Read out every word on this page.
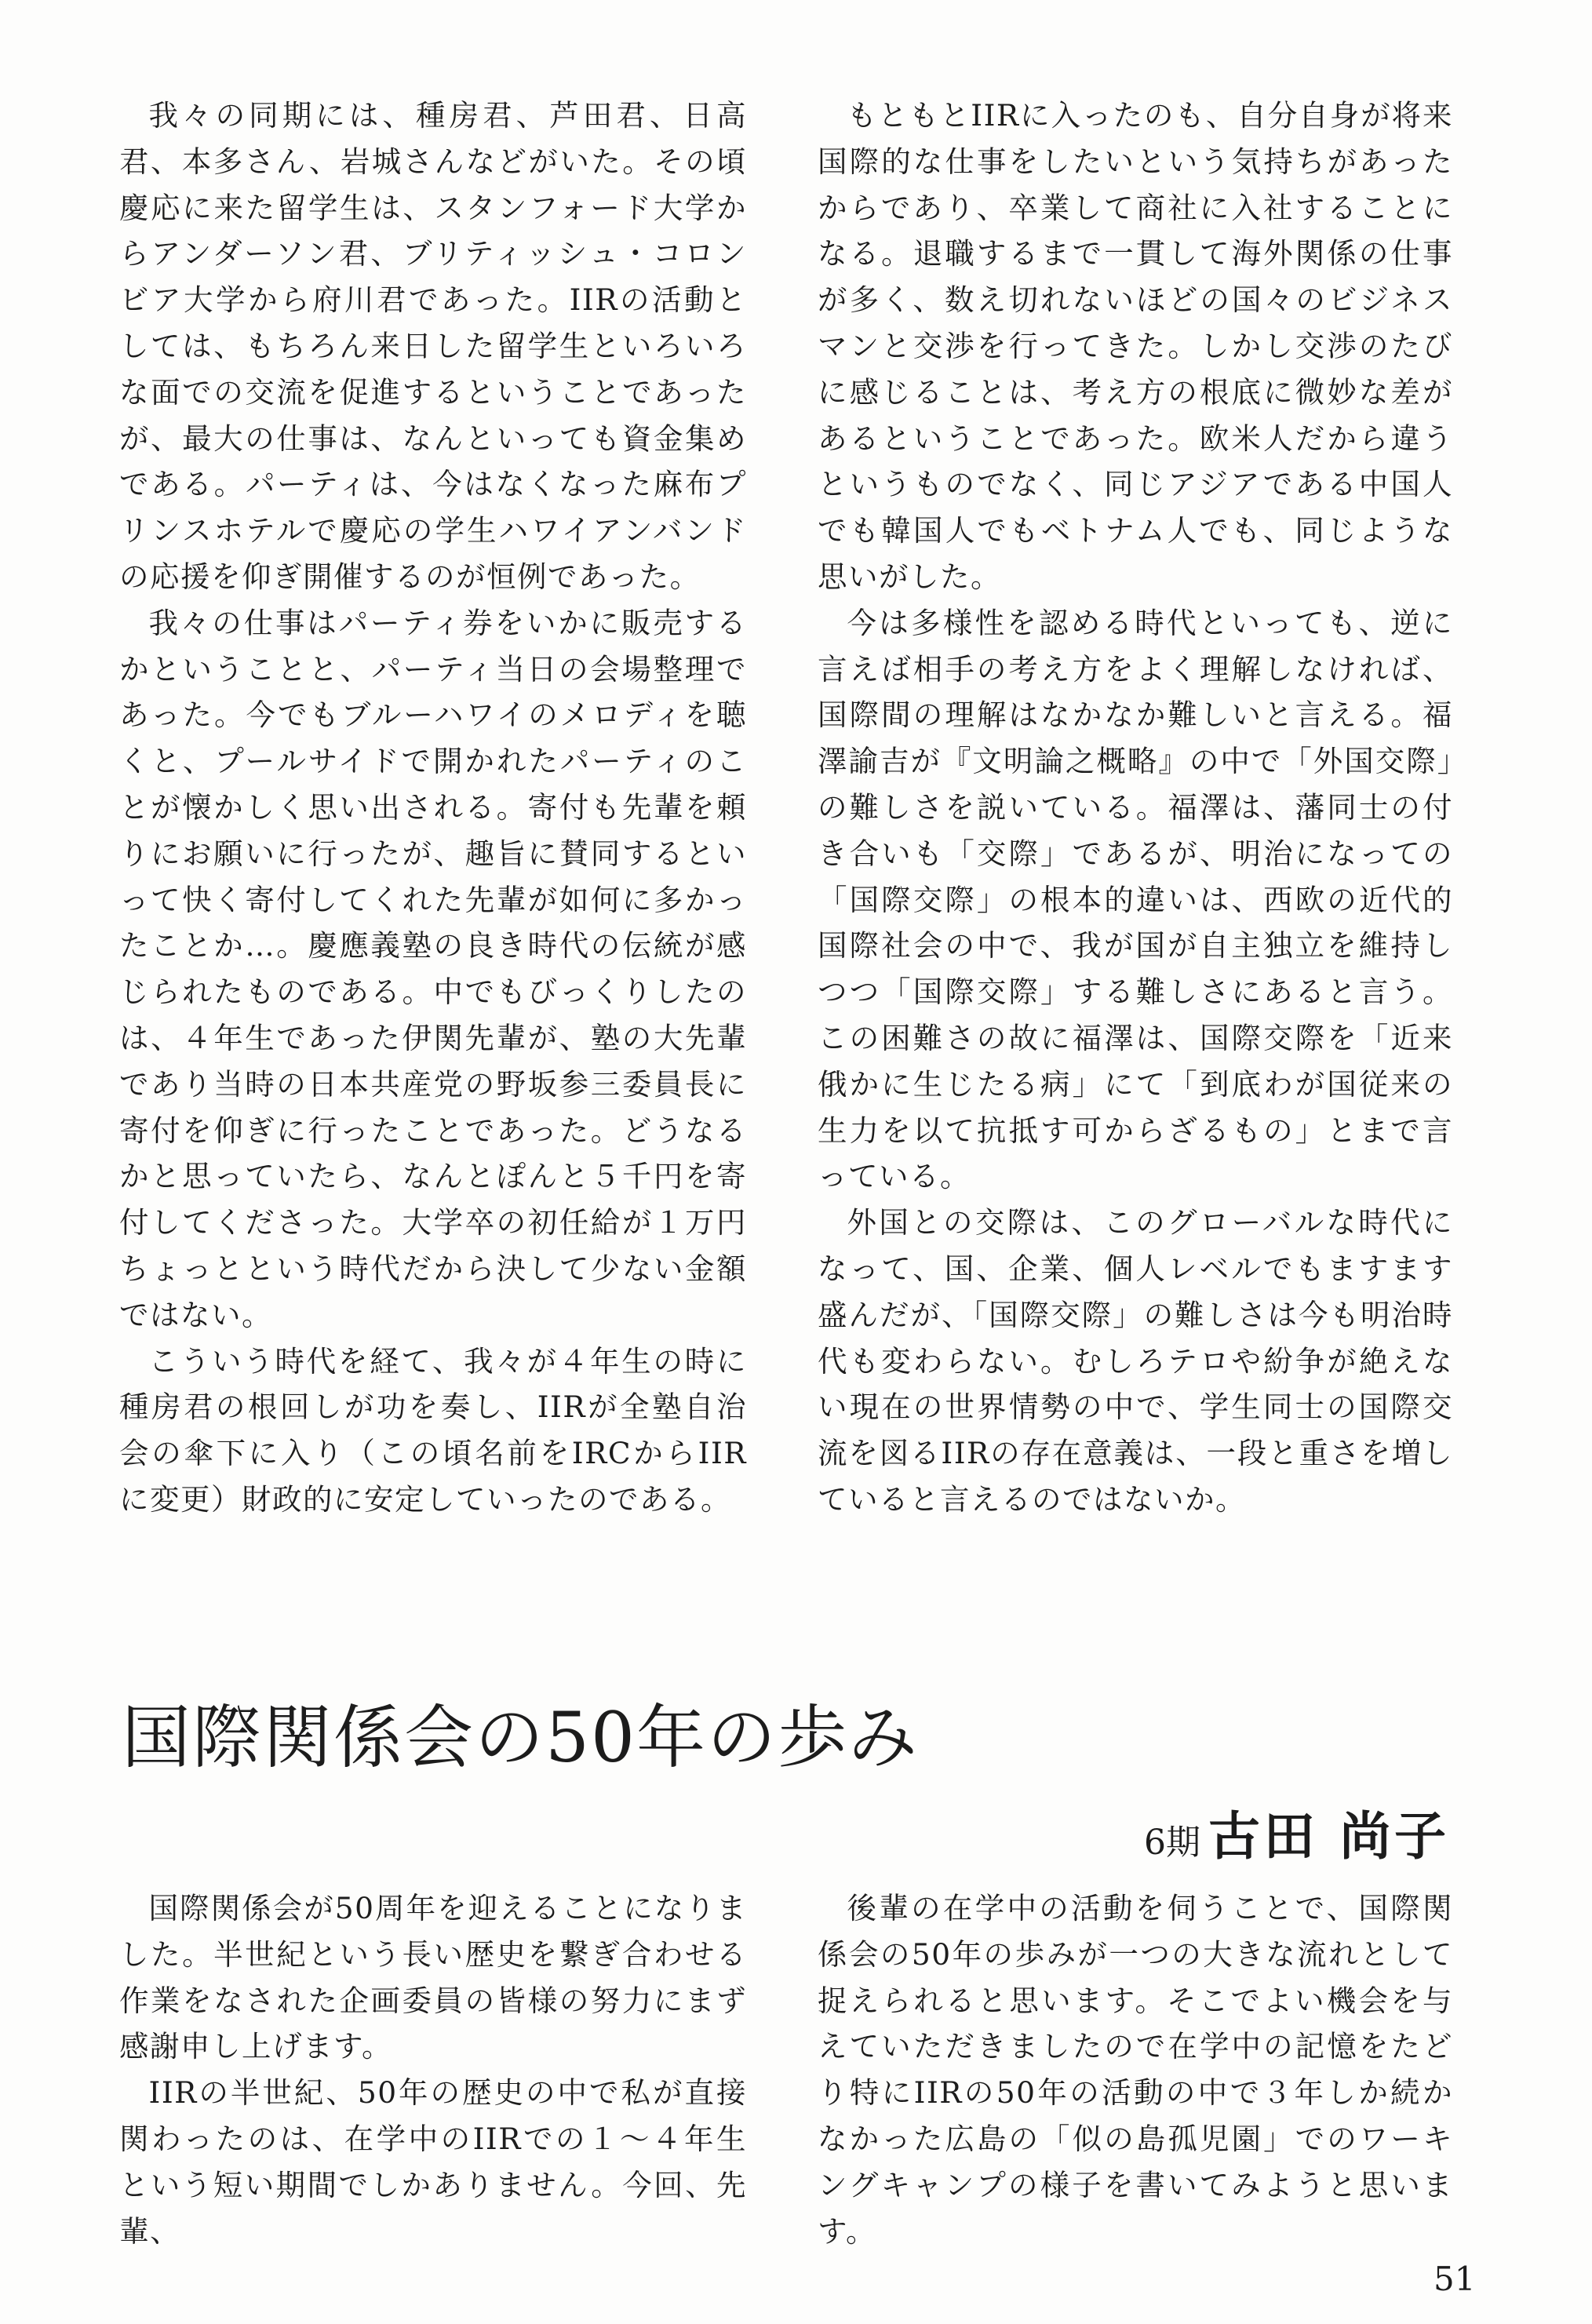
我々の同期には、種房君、芦田君、日高君、本多さん、岩城さんなどがいた。その頃慶応に来た留学生は、スタンフォード大学からアンダーソン君、ブリティッシュ・コロンビア大学から府川君であった。IIRの活動としては、もちろん来日した留学生といろいろな面での交流を促進するということであったが、最大の仕事は、なんといっても資金集めである。パーティは、今はなくなった麻布プリンスホテルで慶応の学生ハワイアンバンドの応援を仰ぎ開催するのが恒例であった。

我々の仕事はパーティ券をいかに販売するかということと、パーティ当日の会場整理であった。今でもブルーハワイのメロディを聴くと、プールサイドで開かれたパーティのことが懐かしく思い出される。寄付も先輩を頼りにお願いに行ったが、趣旨に賛同するといって快く寄付してくれた先輩が如何に多かったことか…。慶應義塾の良き時代の伝統が感じられたものである。中でもびっくりしたのは、４年生であった伊関先輩が、塾の大先輩であり当時の日本共産党の野坂参三委員長に寄付を仰ぎに行ったことであった。どうなるかと思っていたら、なんとぽんと５千円を寄付してくださった。大学卒の初任給が１万円ちょっとという時代だから決して少ない金額ではない。

こういう時代を経て、我々が４年生の時に種房君の根回しが功を奏し、IIRが全塾自治会の傘下に入り（この頃名前をIRCからIIRに変更）財政的に安定していったのである。

もともとIIRに入ったのも、自分自身が将来国際的な仕事をしたいという気持ちがあったからであり、卒業して商社に入社することになる。退職するまで一貫して海外関係の仕事が多く、数え切れないほどの国々のビジネスマンと交渉を行ってきた。しかし交渉のたびに感じることは、考え方の根底に微妙な差があるということであった。欧米人だから違うというものでなく、同じアジアである中国人でも韓国人でもベトナム人でも、同じような思いがした。

今は多様性を認める時代といっても、逆に言えば相手の考え方をよく理解しなければ、国際間の理解はなかなか難しいと言える。福澤諭吉が『文明論之概略』の中で「外国交際」の難しさを説いている。福澤は、藩同士の付き合いも「交際」であるが、明治になっての「国際交際」の根本的違いは、西欧の近代的国際社会の中で、我が国が自主独立を維持しつつ「国際交際」する難しさにあると言う。この困難さの故に福澤は、国際交際を「近来俄かに生じたる病」にて「到底わが国従来の生力を以て抗抵す可からざるもの」とまで言っている。

外国との交際は、このグローバルな時代になって、国、企業、個人レベルでもますます盛んだが、「国際交際」の難しさは今も明治時代も変わらない。むしろテロや紛争が絶えない現在の世界情勢の中で、学生同士の国際交流を図るIIRの存在意義は、一段と重さを増していると言えるのではないか。

国際関係会の50年の歩み
6期 古田 尚子

国際関係会が50周年を迎えることになりました。半世紀という長い歴史を繋ぎ合わせる作業をなされた企画委員の皆様の努力にまず感謝申し上げます。

IIRの半世紀、50年の歴史の中で私が直接関わったのは、在学中のIIRでの１～４年生という短い期間でしかありません。今回、先輩、

後輩の在学中の活動を伺うことで、国際関係会の50年の歩みが一つの大きな流れとして捉えられると思います。そこでよい機会を与えていただきましたので在学中の記憶をたどり特にIIRの50年の活動の中で３年しか続かなかった広島の「似の島孤児園」でのワーキングキャンプの様子を書いてみようと思います。

51
